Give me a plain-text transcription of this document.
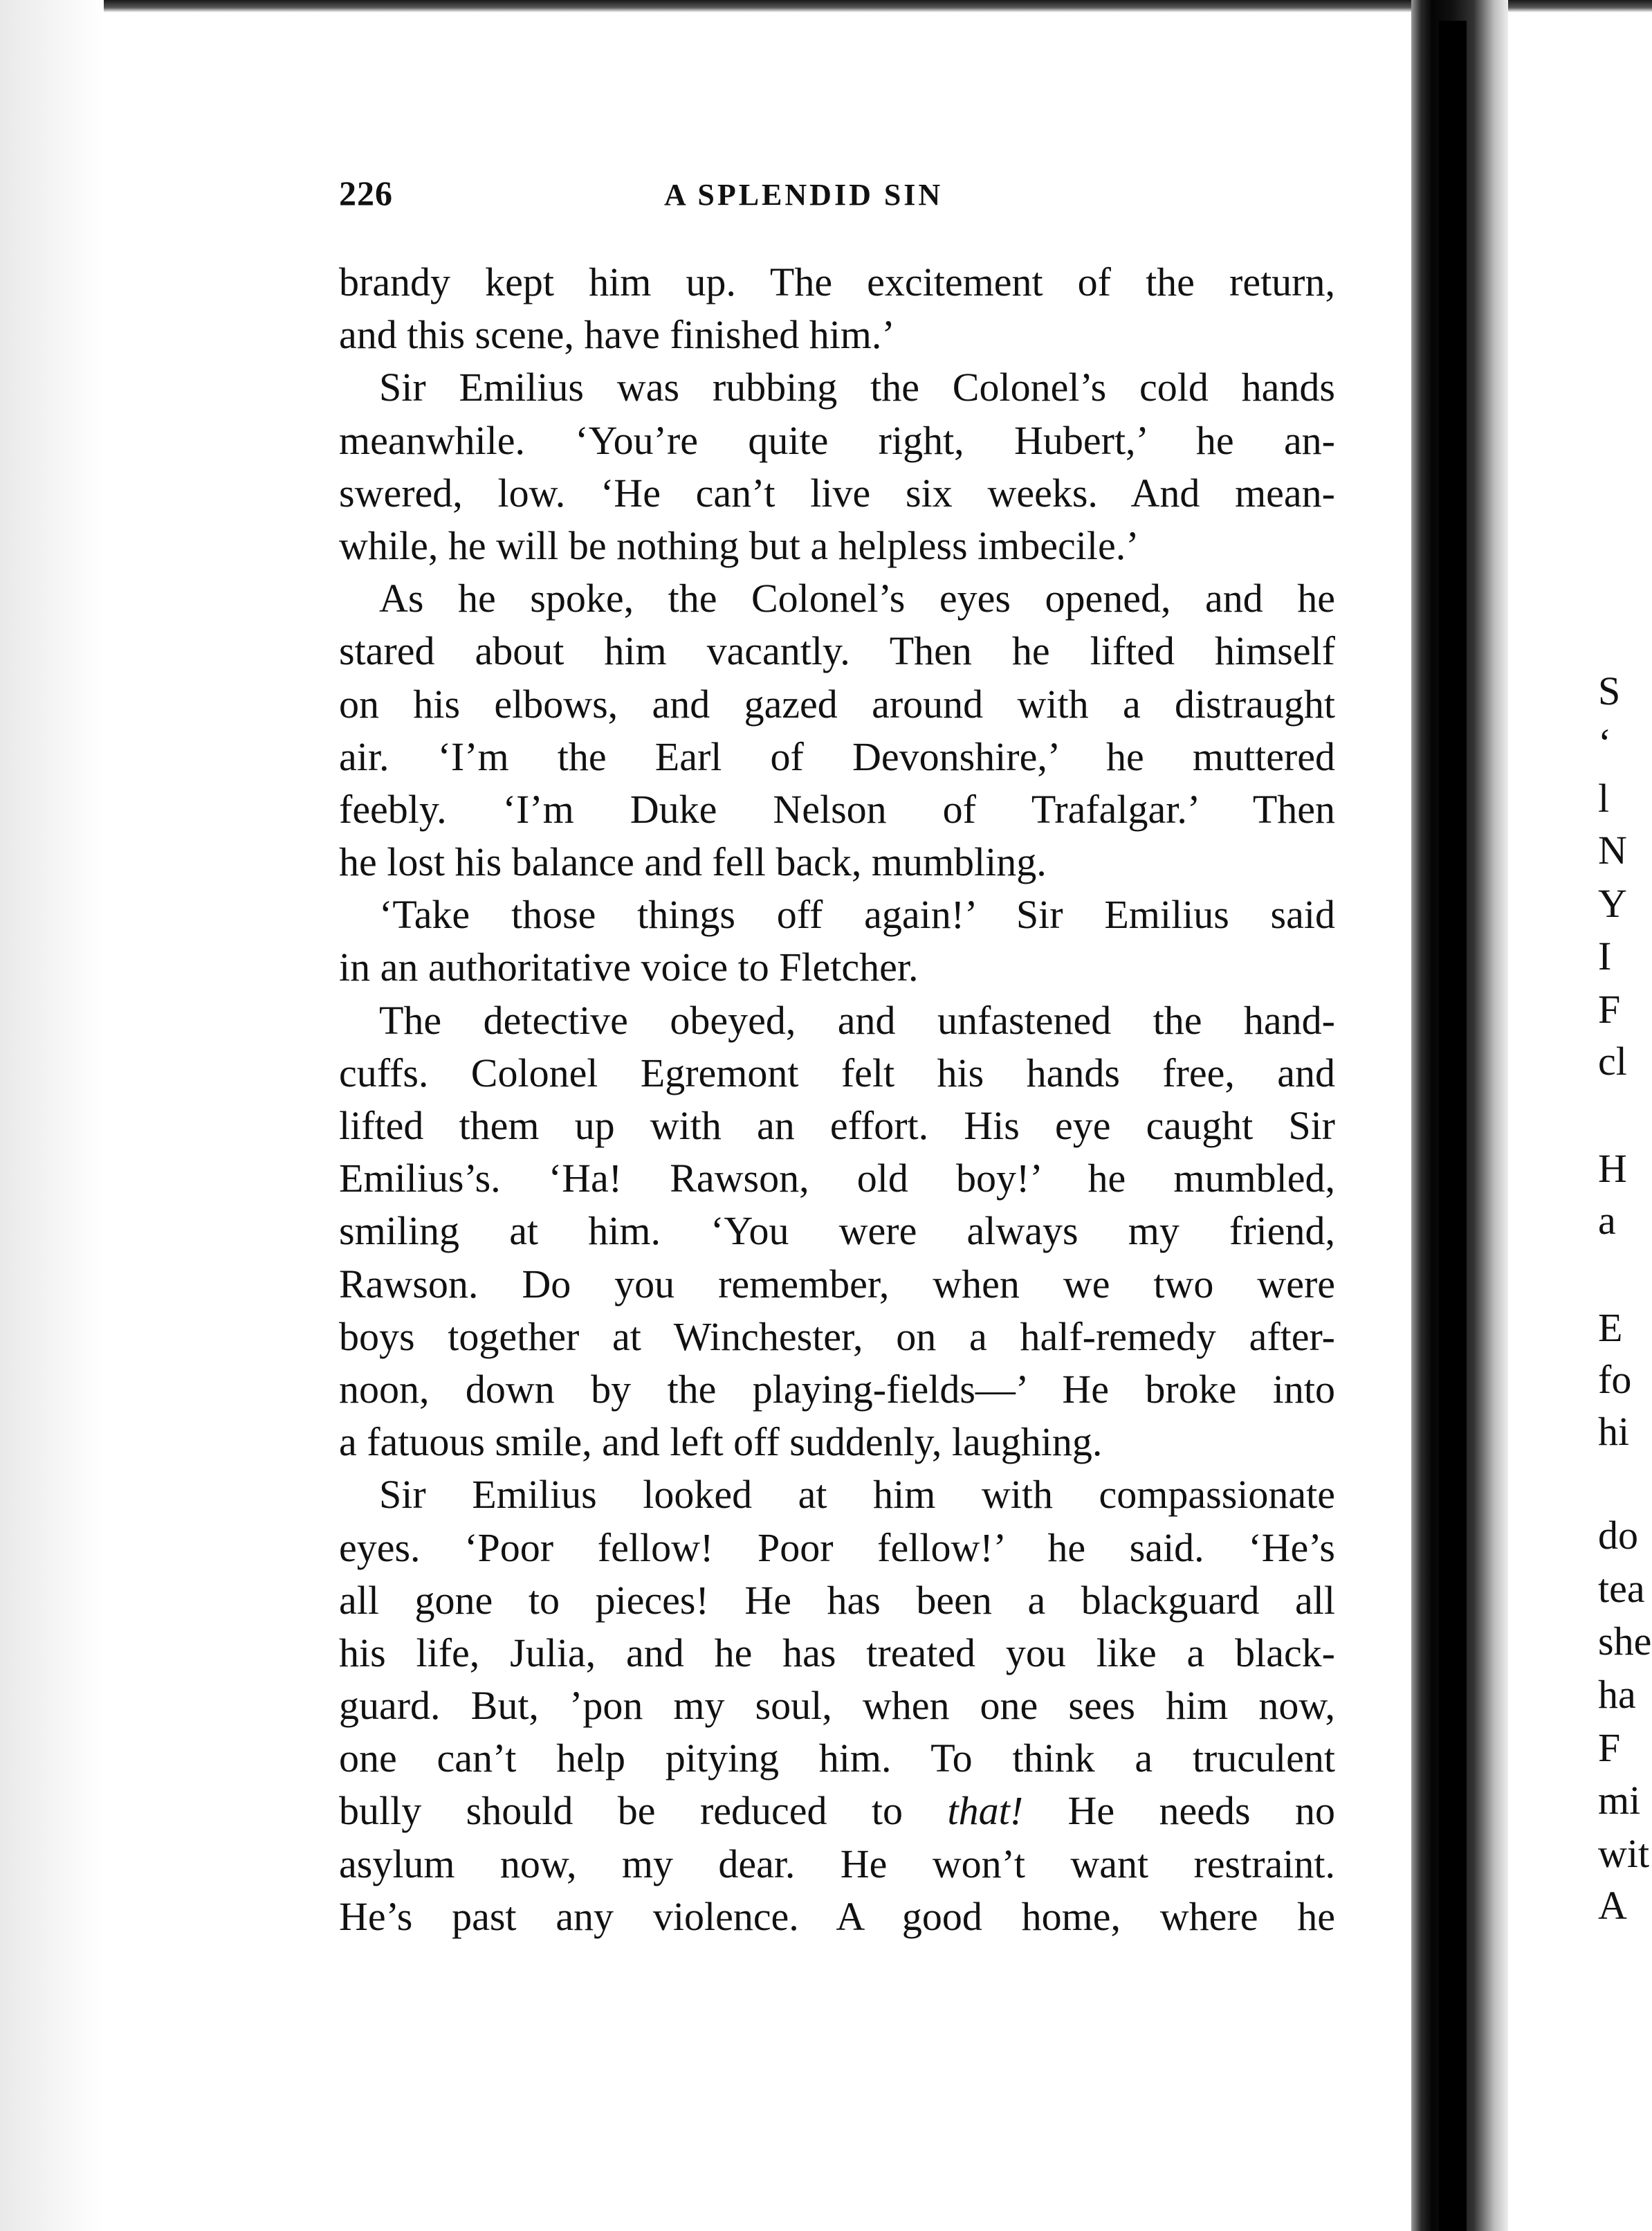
226	A SPLENDID SIN
brandy kept him up. The excitement of the return,
and this scene, have finished him.’
Sir Emilius was rubbing the Colonel’s cold hands
meanwhile. ‘You’re quite right, Hubert,’ he an-
swered, low. ‘He can’t live six weeks. And mean-
while, he will be nothing but a helpless imbecile.’
As he spoke, the Colonel’s eyes opened, and he
stared about him vacantly. Then he lifted himself
on his elbows, and gazed around with a distraught
air. ‘I’m the Earl of Devonshire,’ he muttered
feebly. ‘I’m Duke Nelson of Trafalgar.’ Then
he lost his balance and fell back, mumbling.
‘Take those things off again!’ Sir Emilius said
in an authoritative voice to Fletcher.
The detective obeyed, and unfastened the hand-
cuffs. Colonel Egremont felt his hands free, and
lifted them up with an effort. His eye caught Sir
Emilius’s. ‘Ha! Rawson, old boy!’ he mumbled,
smiling at him. ‘You were always my friend,
Rawson. Do you remember, when we two were
boys together at Winchester, on a half-remedy after-
noon, down by the playing-fields—’ He broke into
a fatuous smile, and left off suddenly, laughing.
Sir Emilius looked at him with compassionate
eyes. ‘Poor fellow! Poor fellow!’ he said. ‘He’s
all gone to pieces! He has been a blackguard all
his life, Julia, and he has treated you like a black-
guard. But, ’pon my soul, when one sees him now,
one can’t help pitying him. To think a truculent
bully should be reduced to that! He needs no
asylum now, my dear. He won’t want restraint.
He’s past any violence. A good home, where he
S
‘
l
N
Y
I
F
cl
H
a
E
fo
hi
do
tea
she
ha
F
mi
wit
A
